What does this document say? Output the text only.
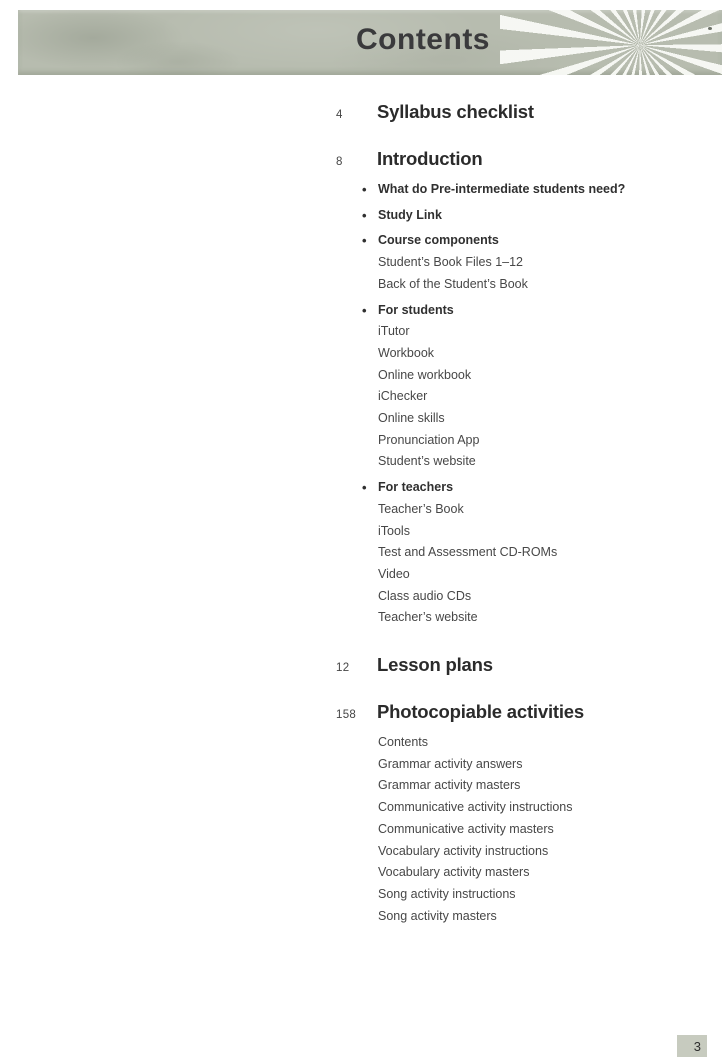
Contents
4	Syllabus checklist
8	Introduction
• What do Pre-intermediate students need?
• Study Link
• Course components
Student’s Book Files 1–12
Back of the Student’s Book
• For students
iTutor
Workbook
Online workbook
iChecker
Online skills
Pronunciation App
Student’s website
• For teachers
Teacher’s Book
iTools
Test and Assessment CD-ROMs
Video
Class audio CDs
Teacher’s website
12	Lesson plans
158	Photocopiable activities
Contents
Grammar activity answers
Grammar activity masters
Communicative activity instructions
Communicative activity masters
Vocabulary activity instructions
Vocabulary activity masters
Song activity instructions
Song activity masters
3
